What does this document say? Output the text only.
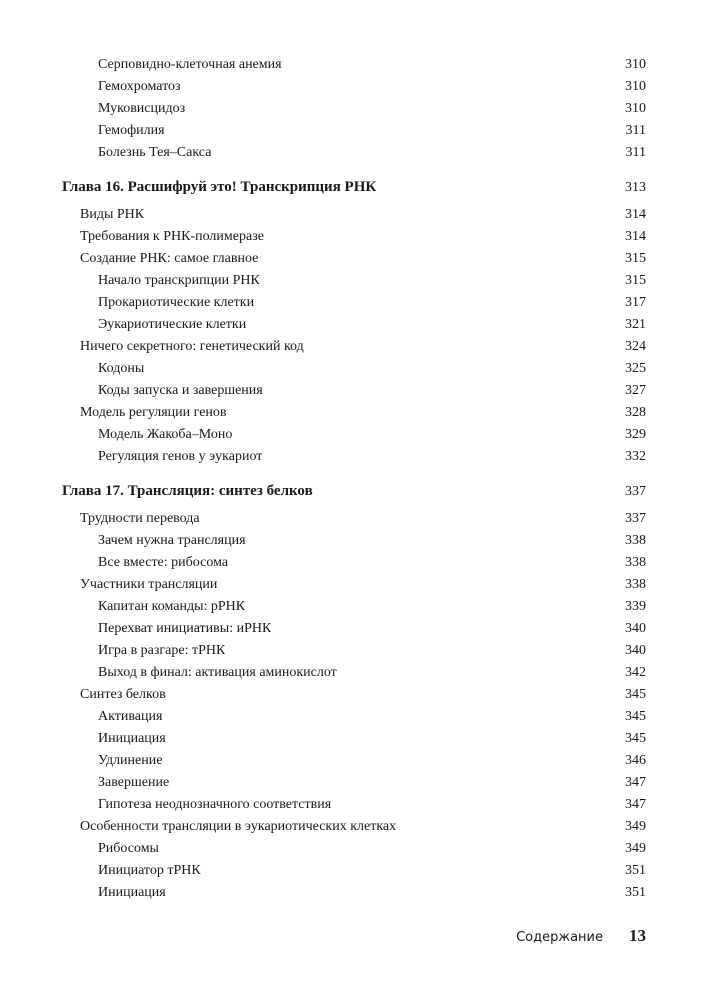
Серповидно-клеточная анемия	310
Гемохроматоз	310
Муковисцидоз	310
Гемофилия	311
Болезнь Тея–Сакса	311
Глава 16. Расшифруй это! Транскрипция РНК	313
Виды РНК	314
Требования к РНК-полимеразе	314
Создание РНК: самое главное	315
Начало транскрипции РНК	315
Прокариотические клетки	317
Эукариотические клетки	321
Ничего секретного: генетический код	324
Кодоны	325
Коды запуска и завершения	327
Модель регуляции генов	328
Модель Жакоба–Моно	329
Регуляция генов у эукариот	332
Глава 17. Трансляция: синтез белков	337
Трудности перевода	337
Зачем нужна трансляция	338
Все вместе: рибосома	338
Участники трансляции	338
Капитан команды: рРНК	339
Перехват инициативы: иРНК	340
Игра в разгаре: тРНК	340
Выход в финал: активация аминокислот	342
Синтез белков	345
Активация	345
Инициация	345
Удлинение	346
Завершение	347
Гипотеза неоднозначного соответствия	347
Особенности трансляции в эукариотических клетках	349
Рибосомы	349
Инициатор тРНК	351
Инициация	351
Содержание 13
